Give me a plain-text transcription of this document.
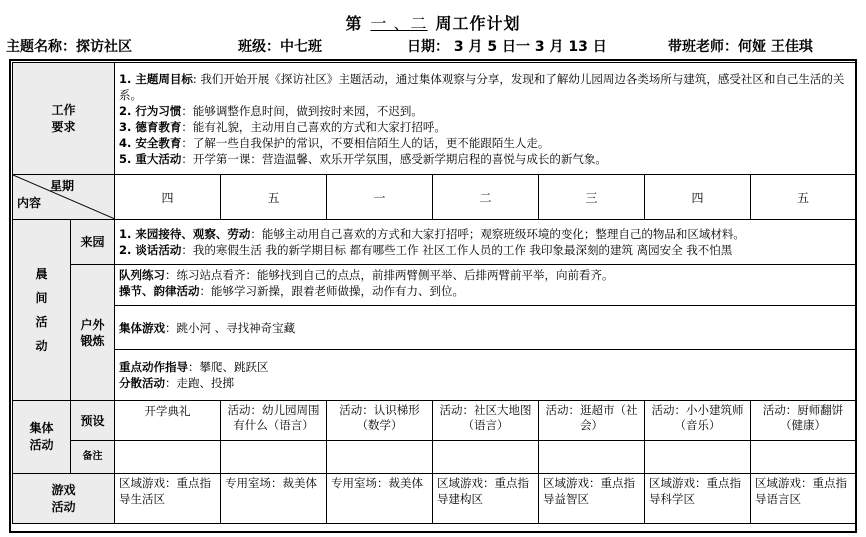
第 一 、二 周工作计划
主题名称：探访社区	班级：中七班	日期： 3 月 5 日一 3 月 13 日	带班老师：何娅 王佳琪
工作要求		1. 主题周目标: 我们开始开展《探访社区》主题活动，通过集体观察与分享，发现和了解幼儿园周边各类场所与建筑，感受社区和自己生活的关系。
2. 行为习惯：能够调整作息时间，做到按时来园，不迟到。
3. 德育教育：能有礼貌，主动用自己喜欢的方式和大家打招呼。
4. 安全教育：了解一些自我保护的常识，不要相信陌生人的话，更不能跟陌生人走。
5. 重大活动：开学第一课：营造温馨、欢乐开学氛围，感受新学期启程的喜悦与成长的新气象。						

星期
内容		四	五	一	二	三	四	五
晨间活动	来园	1. 来园接待、观察、劳动：能够主动用自己喜欢的方式和大家打招呼；观察班级环境的变化；整理自己的物品和区域材料。
2. 谈话活动：我的寒假生活 我的新学期目标 都有哪些工作 社区工作人员的工作 我印象最深刻的建筑 离园安全 我不怕黑						

	户外锻炼	队列练习：练习站点看齐：能够找到自己的点点，前排两臂侧平举、后排两臂前平举，向前看齐。
操节、韵律活动：能够学习新操，跟着老师做操，动作有力、到位。						

		集体游戏：跳小河 、寻找神奇宝藏						

		重点动作指导：攀爬、跳跃区
分散活动：走跑、投掷						

集体活动	预设	开学典礼	活动：幼儿园周围有什么（语言）	活动：认识梯形（数学）	活动：社区大地图（语言）	活动：逛超市（社会）	活动：小小建筑师（音乐）	活动：厨师翻饼（健康）
	备注							
游戏活动		区域游戏：重点指导生活区	专用室场：裁美体	专用室场：裁美体	区域游戏：重点指导建构区	区域游戏：重点指导益智区	区域游戏：重点指导科学区	区域游戏：重点指导语言区
